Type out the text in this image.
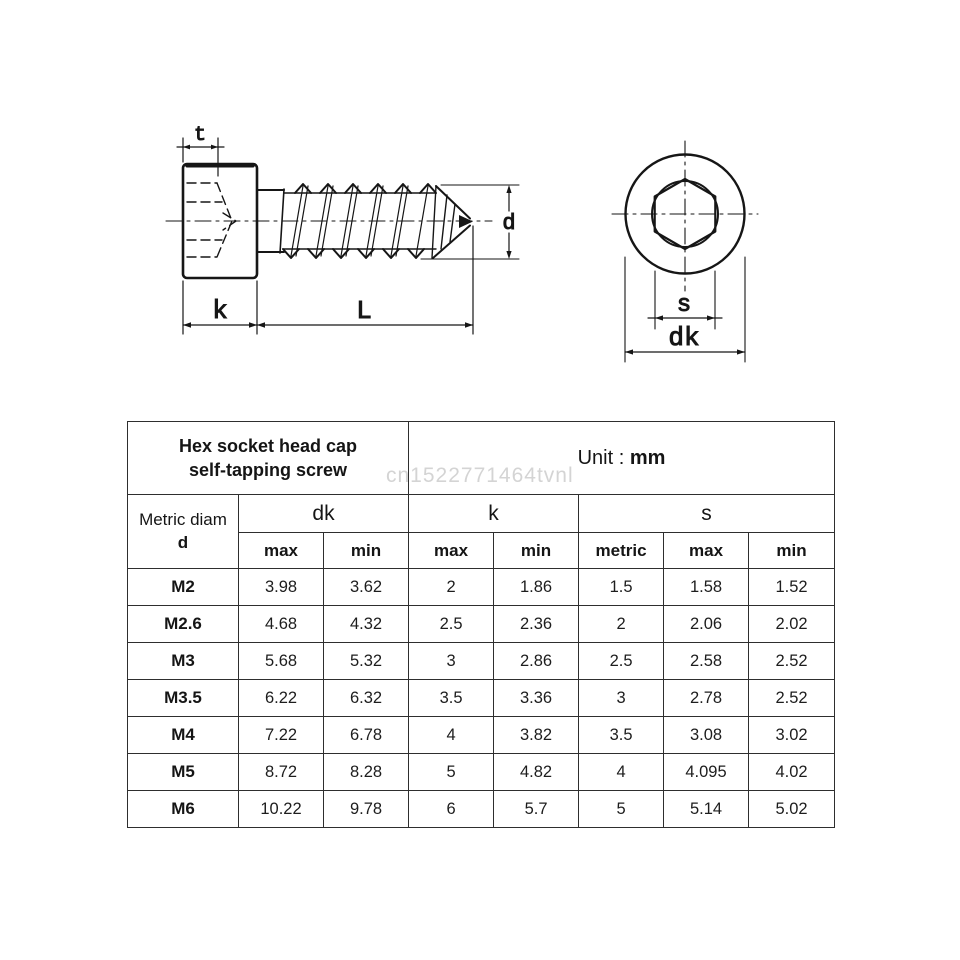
cn1522771464tvnl
t
d
k	L	s
dk
Hex socket head cap
self-tapping screw			Unit : mm				

Metric diam
d	dk		k		s		
	max	min	max	min	metric	max	min
M2	3.98	3.62	2	1.86	1.5	1.58	1.52
M2.6	4.68	4.32	2.5	2.36	2	2.06	2.02
M3	5.68	5.32	3	2.86	2.5	2.58	2.52
M3.5	6.22	6.32	3.5	3.36	3	2.78	2.52
M4	7.22	6.78	4	3.82	3.5	3.08	3.02
M5	8.72	8.28	5	4.82	4	4.095	4.02
M6	10.22	9.78	6	5.7	5	5.14	5.02
